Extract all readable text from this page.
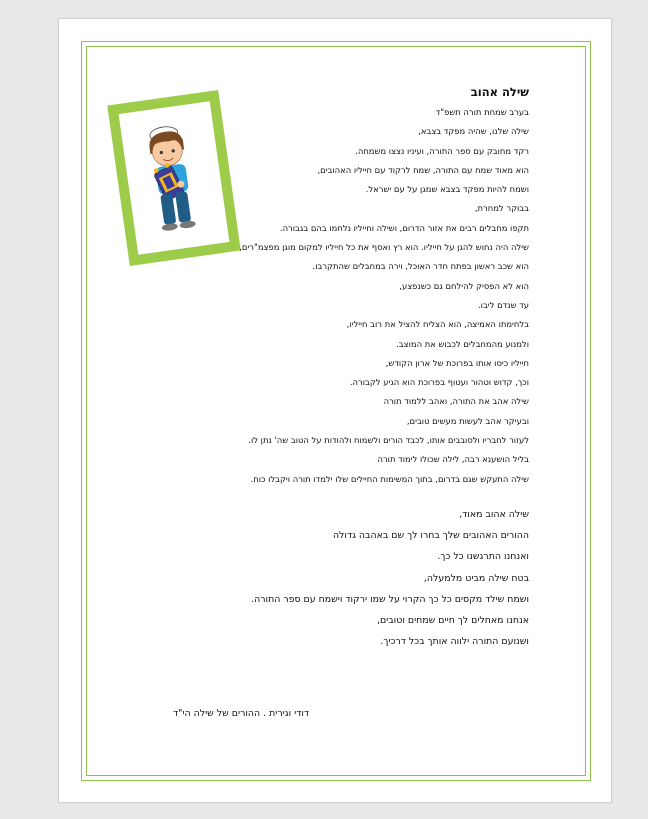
שילה אהוב

בערב שמחת תורה תשפ"ד

שילה שלנו, שהיה מפקד בצבא,

רקד מחובק עם ספר התורה, ועיניו נצצו משמחה.

הוא מאוד שמח עם התורה, שמח לרקוד עם חייליו האהובים,

ושמח להיות מפקד בצבא שמגן על עם ישראל.

בבוקר למחרת,

תקפו מחבלים רבים את אזור הדרום, ושילה וחייליו נלחמו בהם בגבורה.

שילה היה נחוש להגן על חייליו. הוא רץ ואסף את כל חייליו למקום מוגן מפצמ"רים,

הוא שכב ראשון בפתח חדר האוכל, וירה במחבלים שהתקרבו.

הוא לא הפסיק להילחם גם כשנפצע,

עד שנדם ליבו.

בלחימתו האמיצה, הוא הצליח להציל את רוב חייליו,

ולמנוע מהמחבלים לכבוש את המוצב.

חייליו כיסו אותו בפרוכת של ארון הקודש,

וכך, קדוש וטהור ועטוף בפרוכת הוא הגיע לקבורה.

שילה אהב את התורה, ואהב ללמוד תורה

ובעיקר אהב לעשות מעשים טובים,

לעזור לחבריו ולסובבים אותו, לכבד הורים ולשמוח ולהודות על הטוב שה' נתן לו.

בליל הושענא רבה, לילה שכולו לימוד תורה

שילה התעקש שגם בדרום, בתוך המשימות החיילים שלו ילמדו תורה ויקבלו כוח.

שילה אהוב מאוד,

ההורים האהובים שלך בחרו לך שם באהבה גדולה

ואנחנו התרגשנו כל כך.

בטח שילה מביט מלמעלה,

ושמח שילד מקסים כל כך הקרוי על שמו ירקוד וישמח עם ספר התורה.

אנחנו מאחלים לך חיים שמחים וטובים,

ושנועם התורה ילווה אותך בכל דרכיך.

דודי וגירית . ההורים של שילה הי"ד
